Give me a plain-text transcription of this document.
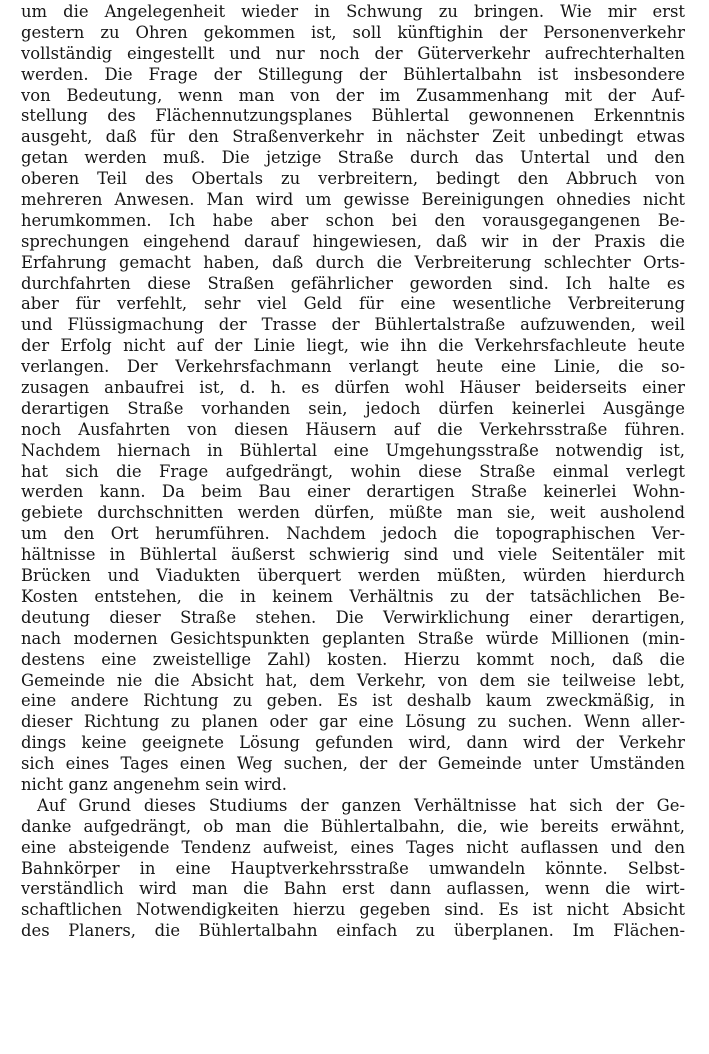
um die Angelegenheit wieder in Schwung zu bringen. Wie mir erst
gestern zu Ohren gekommen ist, soll künftighin der Personenverkehr
vollständig eingestellt und nur noch der Güterverkehr aufrechterhalten
werden. Die Frage der Stillegung der Bühlertalbahn ist insbesondere
von Bedeutung, wenn man von der im Zusammenhang mit der Auf-
stellung des Flächennutzungsplanes Bühlertal gewonnenen Erkenntnis
ausgeht, daß für den Straßenverkehr in nächster Zeit unbedingt etwas
getan werden muß. Die jetzige Straße durch das Untertal und den
oberen Teil des Obertals zu verbreitern, bedingt den Abbruch von
mehreren Anwesen. Man wird um gewisse Bereinigungen ohnedies nicht
herumkommen. Ich habe aber schon bei den vorausgegangenen Be-
sprechungen eingehend darauf hingewiesen, daß wir in der Praxis die
Erfahrung gemacht haben, daß durch die Verbreiterung schlechter Orts-
durchfahrten diese Straßen gefährlicher geworden sind. Ich halte es
aber für verfehlt, sehr viel Geld für eine wesentliche Verbreiterung
und Flüssigmachung der Trasse der Bühlertalstraße aufzuwenden, weil
der Erfolg nicht auf der Linie liegt, wie ihn die Verkehrsfachleute heute
verlangen. Der Verkehrsfachmann verlangt heute eine Linie, die so-
zusagen anbaufrei ist, d. h. es dürfen wohl Häuser beiderseits einer
derartigen Straße vorhanden sein, jedoch dürfen keinerlei Ausgänge
noch Ausfahrten von diesen Häusern auf die Verkehrsstraße führen.
Nachdem hiernach in Bühlertal eine Umgehungsstraße notwendig ist,
hat sich die Frage aufgedrängt, wohin diese Straße einmal verlegt
werden kann. Da beim Bau einer derartigen Straße keinerlei Wohn-
gebiete durchschnitten werden dürfen, müßte man sie, weit ausholend
um den Ort herumführen. Nachdem jedoch die topographischen Ver-
hältnisse in Bühlertal äußerst schwierig sind und viele Seitentäler mit
Brücken und Viadukten überquert werden müßten, würden hierdurch
Kosten entstehen, die in keinem Verhältnis zu der tatsächlichen Be-
deutung dieser Straße stehen. Die Verwirklichung einer derartigen,
nach modernen Gesichtspunkten geplanten Straße würde Millionen (min-
destens eine zweistellige Zahl) kosten. Hierzu kommt noch, daß die
Gemeinde nie die Absicht hat, dem Verkehr, von dem sie teilweise lebt,
eine andere Richtung zu geben. Es ist deshalb kaum zweckmäßig, in
dieser Richtung zu planen oder gar eine Lösung zu suchen. Wenn aller-
dings keine geeignete Lösung gefunden wird, dann wird der Verkehr
sich eines Tages einen Weg suchen, der der Gemeinde unter Umständen
nicht ganz angenehm sein wird.
Auf Grund dieses Studiums der ganzen Verhältnisse hat sich der Ge-
danke aufgedrängt, ob man die Bühlertalbahn, die, wie bereits erwähnt,
eine absteigende Tendenz aufweist, eines Tages nicht auflassen und den
Bahnkörper in eine Hauptverkehrsstraße umwandeln könnte. Selbst-
verständlich wird man die Bahn erst dann auflassen, wenn die wirt-
schaftlichen Notwendigkeiten hierzu gegeben sind. Es ist nicht Absicht
des Planers, die Bühlertalbahn einfach zu überplanen. Im Flächen-
